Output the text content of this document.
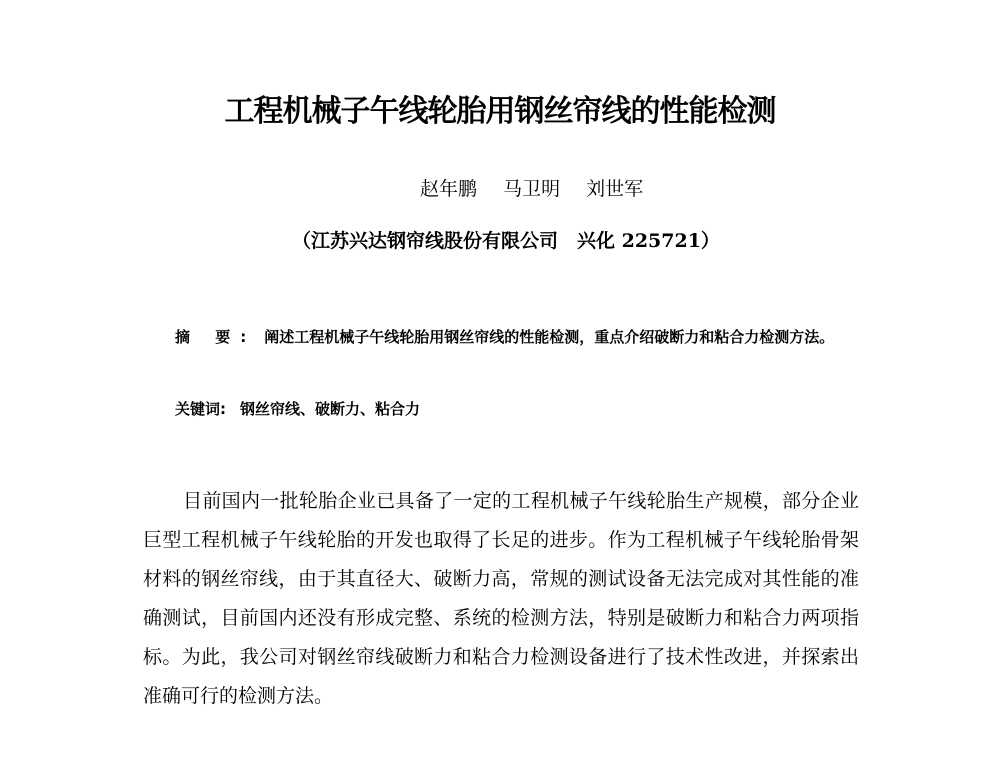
工程机械子午线轮胎用钢丝帘线的性能检测
赵年鹏 马卫明 刘世军
（江苏兴达钢帘线股份有限公司　兴化 225721）
摘 要: 阐述工程机械子午线轮胎用钢丝帘线的性能检测，重点介绍破断力和粘合力检测方法。
关键词: 钢丝帘线、破断力、粘合力
目前国内一批轮胎企业已具备了一定的工程机械子午线轮胎生产规模，部分企业巨型工程机械子午线轮胎的开发也取得了长足的进步。作为工程机械子午线轮胎骨架材料的钢丝帘线，由于其直径大、破断力高，常规的测试设备无法完成对其性能的准确测试，目前国内还没有形成完整、系统的检测方法，特别是破断力和粘合力两项指标。为此，我公司对钢丝帘线破断力和粘合力检测设备进行了技术性改进，并探索出准确可行的检测方法。
